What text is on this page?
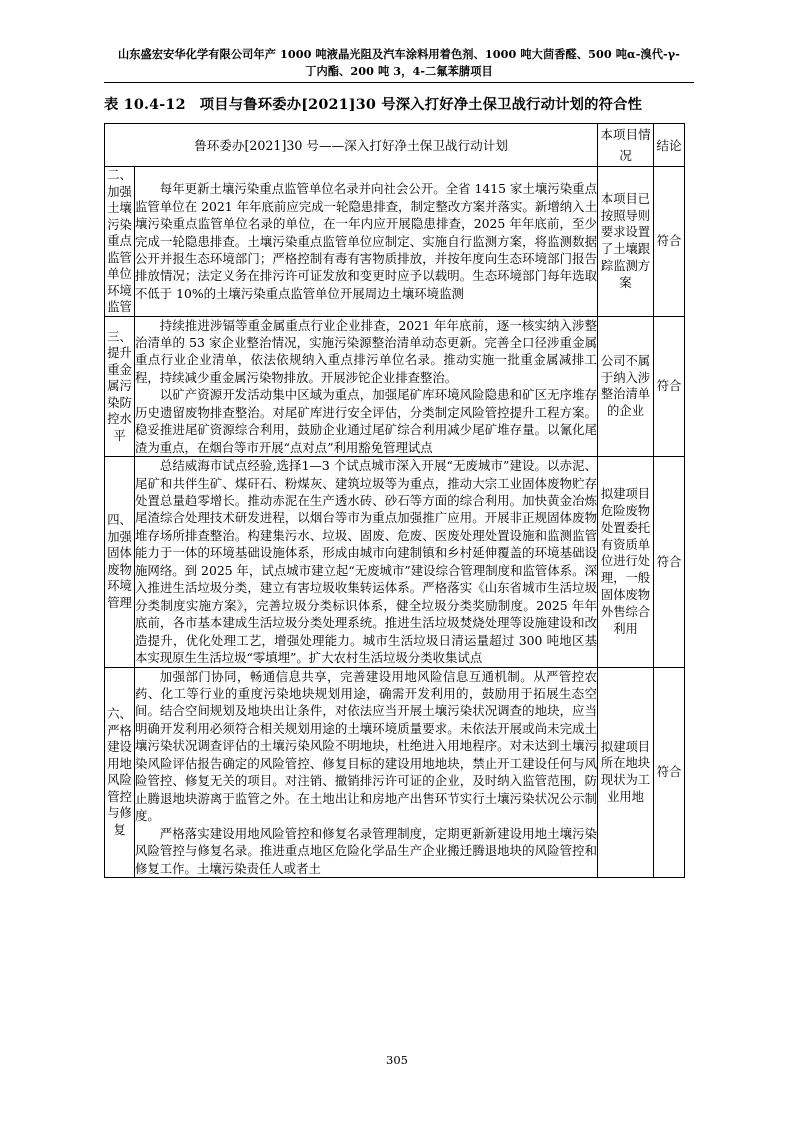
山东盛宏安华化学有限公司年产 1000 吨液晶光阻及汽车涂料用着色剂、1000 吨大茴香醛、500 吨α-溴代-γ-
丁内酯、200 吨 3，4-二氟苯腈项目
表 10.4-12 项目与鲁环委办[2021]30 号深入打好净土保卫战行动计划的符合性
鲁环委办[2021]30 号——深入打好净土保卫战行动计划		本项目情况	结论
二、加强土壤污染重点监管单位环境监管	每年更新土壤污染重点监管单位名录并向社会公开。全省 1415 家土壤污染重点监管单位在 2021 年年底前应完成一轮隐患排查，制定整改方案并落实。新增纳入土壤污染重点监管单位名录的单位，在一年内应开展隐患排查，2025 年年底前，至少完成一轮隐患排查。土壤污染重点监管单位应制定、实施自行监测方案，将监测数据公开并报生态环境部门；严格控制有毒有害物质排放，并按年度向生态环境部门报告排放情况；法定义务在排污许可证发放和变更时应予以载明。生态环境部门每年选取不低于 10%的土壤污染重点监管单位开展周边土壤环境监测	本项目已按照导则要求设置了土壤跟踪监测方案	符合
三、提升重金属污染防控水平	持续推进涉镉等重金属重点行业企业排查，2021 年年底前，逐一核实纳入涉整治清单的 53 家企业整治情况，实施污染源整治清单动态更新。完善全口径涉重金属重点行业企业清单，依法依规纳入重点排污单位名录。推动实施一批重金属减排工程，持续减少重金属污染物排放。开展涉铊企业排查整治。

以矿产资源开发活动集中区域为重点，加强尾矿库环境风险隐患和矿区无序堆存历史遗留废物排查整治。对尾矿库进行安全评估，分类制定风险管控提升工程方案。稳妥推进尾矿资源综合利用，鼓励企业通过尾矿综合利用减少尾矿堆存量。以氰化尾渣为重点，在烟台等市开展“点对点”利用豁免管理试点	公司不属于纳入涉整治清单的企业	符合
四、加强固体废物环境管理	总结威海市试点经验,选择1—3 个试点城市深入开展“无废城市”建设。以赤泥、尾矿和共伴生矿、煤矸石、粉煤灰、建筑垃圾等为重点，推动大宗工业固体废物贮存处置总量趋零增长。推动赤泥在生产透水砖、砂石等方面的综合利用。加快黄金冶炼尾渣综合处理技术研发进程，以烟台等市为重点加强推广应用。开展非正规固体废物堆存场所排查整治。构建集污水、垃圾、固废、危废、医废处理处置设施和监测监管能力于一体的环境基础设施体系，形成由城市向建制镇和乡村延伸覆盖的环境基础设施网络。到 2025 年，试点城市建立起“无废城市”建设综合管理制度和监管体系。深入推进生活垃圾分类，建立有害垃圾收集转运体系。严格落实《山东省城市生活垃圾分类制度实施方案》，完善垃圾分类标识体系，健全垃圾分类奖励制度。2025 年年底前，各市基本建成生活垃圾分类处理系统。推进生活垃圾焚烧处理等设施建设和改造提升，优化处理工艺，增强处理能力。城市生活垃圾日清运量超过 300 吨地区基本实现原生生活垃圾“零填埋”。扩大农村生活垃圾分类收集试点	拟建项目危险废物处置委托有资质单位进行处理，一般固体废物外售综合利用	符合
六、严格建设用地风险管控与修复	加强部门协同，畅通信息共享，完善建设用地风险信息互通机制。从严管控农药、化工等行业的重度污染地块规划用途，确需开发利用的，鼓励用于拓展生态空间。结合空间规划及地块出让条件，对依法应当开展土壤污染状况调查的地块，应当明确开发利用必须符合相关规划用途的土壤环境质量要求。未依法开展或尚未完成土壤污染状况调查评估的土壤污染风险不明地块，杜绝进入用地程序。对未达到土壤污染风险评估报告确定的风险管控、修复目标的建设用地地块，禁止开工建设任何与风险管控、修复无关的项目。对注销、撤销排污许可证的企业，及时纳入监管范围，防止腾退地块游离于监管之外。在土地出让和房地产出售环节实行土壤污染状况公示制度。

严格落实建设用地风险管控和修复名录管理制度，定期更新新建设用地土壤污染风险管控与修复名录。推进重点地区危险化学品生产企业搬迁腾退地块的风险管控和修复工作。土壤污染责任人或者土	拟建项目所在地块现状为工业用地	符合
305
